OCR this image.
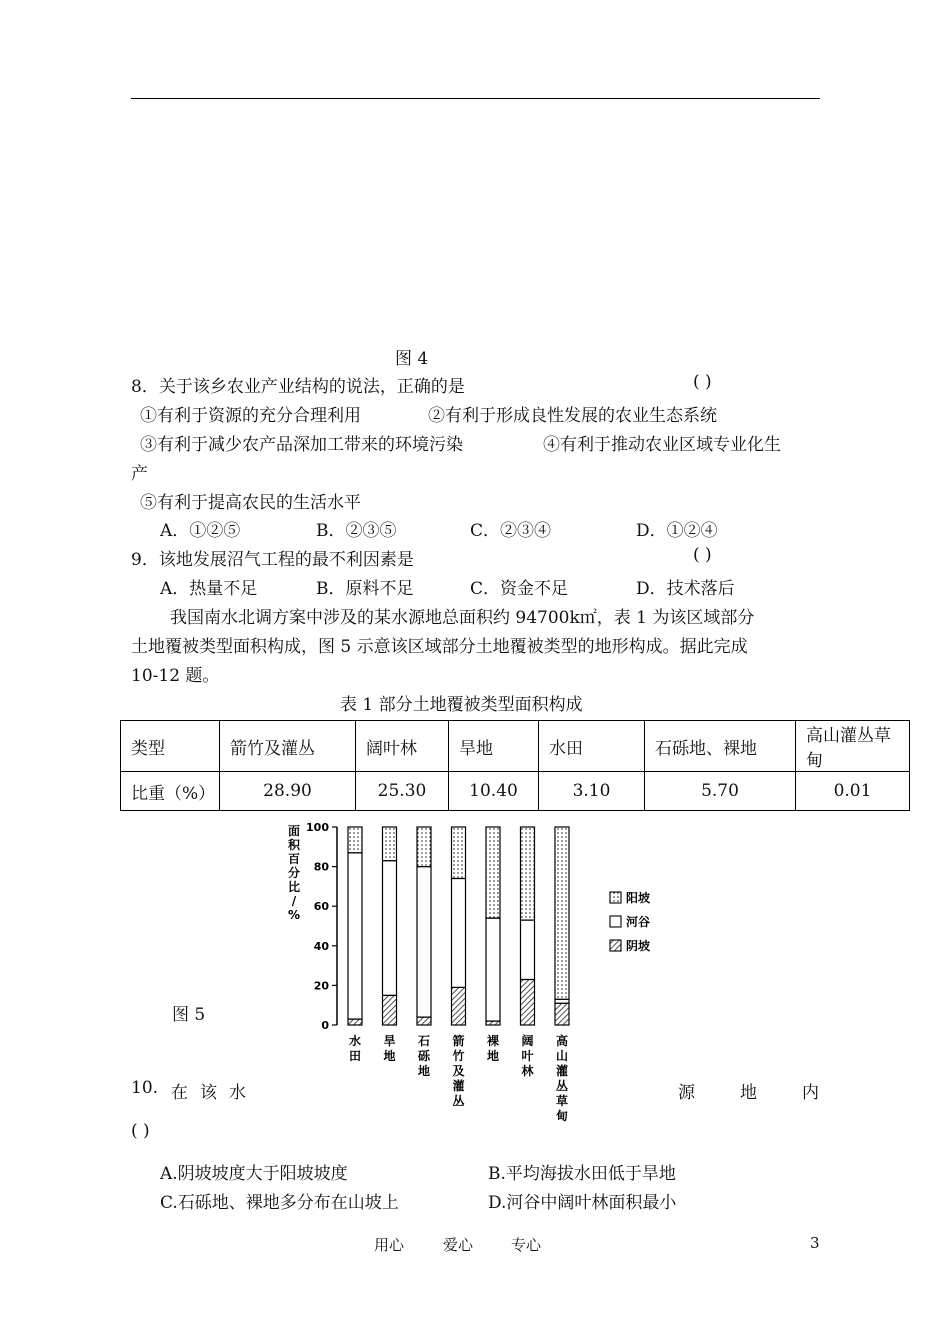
图 4
8．关于该乡农业产业结构的说法，正确的是	( )
①有利于资源的充分合理利用	②有利于形成良性发展的农业生态系统
③有利于减少农产品深加工带来的环境污染	④有利于推动农业区域专业化生
产
⑤有利于提高农民的生活水平
A．①②⑤	B．②③⑤	C．②③④	D．①②④
9．该地发展沼气工程的最不利因素是	( )
A．热量不足	B．原料不足	C．资金不足	D．技术落后
我国南水北调方案中涉及的某水源地总面积约 94700k㎡，表 1 为该区域部分
土地覆被类型面积构成，图 5 示意该区域部分土地覆被类型的地形构成。据此完成
10-12 题。
表 1 部分土地覆被类型面积构成
类型	箭竹及灌丛	阔叶林	旱地	水田	石砾地、裸地	高山灌丛草甸
比重（%）	28.90	25.30	10.40	3.10	5.70	0.01
面
积
百
分
比
/
%
0
20
40
60
80
100
水
田
旱
地
石
砾
地
箭
竹
及
灌
丛
裸
地
阔
叶
林
高
山
灌
丛
草
甸
阳坡
河谷
阴坡
图 5
10. 在 该 水	源	地	内
( )
A.阴坡坡度大于阳坡坡度	B.平均海拔水田低于旱地
C.石砾地、裸地多分布在山坡上	D.河谷中阔叶林面积最小
用心	爱心	专心	3
